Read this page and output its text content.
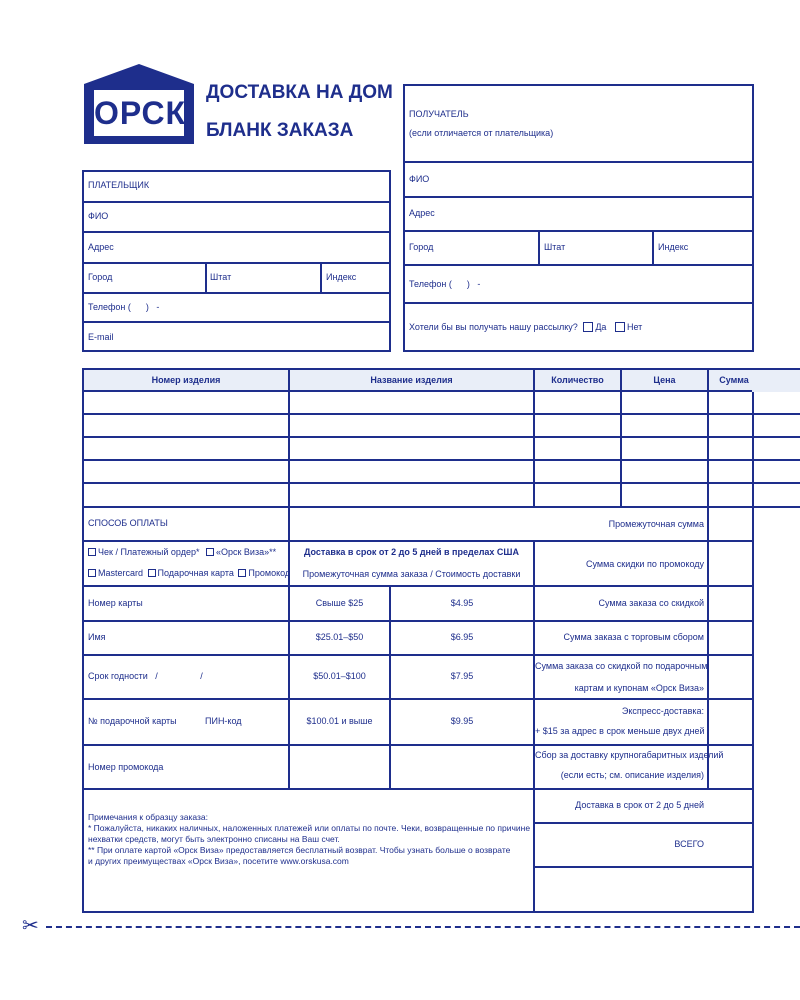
ОРСК
ДОСТАВКА НА ДОМ
БЛАНК ЗАКАЗА
ПЛАТЕЛЬЩИК
ФИО
Адрес
Город	Штат	Индекс
Телефон (      )   -
E-mail
ПОЛУЧАТЕЛЬ
(если отличается от плательщика)
ФИО
Адрес
Город	Штат	Индекс
Телефон (      )   -
Хотели бы вы получать нашу рассылку? Да Нет
Номер изделия	Название изделия	Количество	Цена	Сумма
СПОСОБ ОПЛАТЫ
Чек / Платежный ордер* «Орск Виза»**
Mastercard Подарочная карта Промокод
Номер карты
Имя
Срок годности   /                 /
№ подарочной карты	ПИН-код
Номер промокода
Доставка в срок от 2 до 5 дней в пределах США
Промежуточная сумма заказа / Стоимость доставки
Свыше $25	$4.95
$25.01–$50	$6.95
$50.01–$100	$7.95
$100.01 и выше	$9.95
Промежуточная сумма
Сумма скидки по промокоду
Сумма заказа со скидкой
Сумма заказа с торговым сбором
Сумма заказа со скидкой по подарочным
картам и купонам «Орск Виза»
Экспресс-доставка:
+ $15 за адрес в срок меньше двух дней
Сбор за доставку крупногабаритных изделий
(если есть; см. описание изделия)
Доставка в срок от 2 до 5 дней
ВСЕГО
Примечания к образцу заказа:
* Пожалуйста, никаких наличных, наложенных платежей или оплаты по почте. Чеки, возвращенные по причине
нехватки средств, могут быть электронно списаны на Ваш счет.
** При оплате картой «Орск Виза» предоставляется бесплатный возврат. Чтобы узнать больше о возврате
и других преимуществах «Орск Виза», посетите www.orskusa.com
✂
